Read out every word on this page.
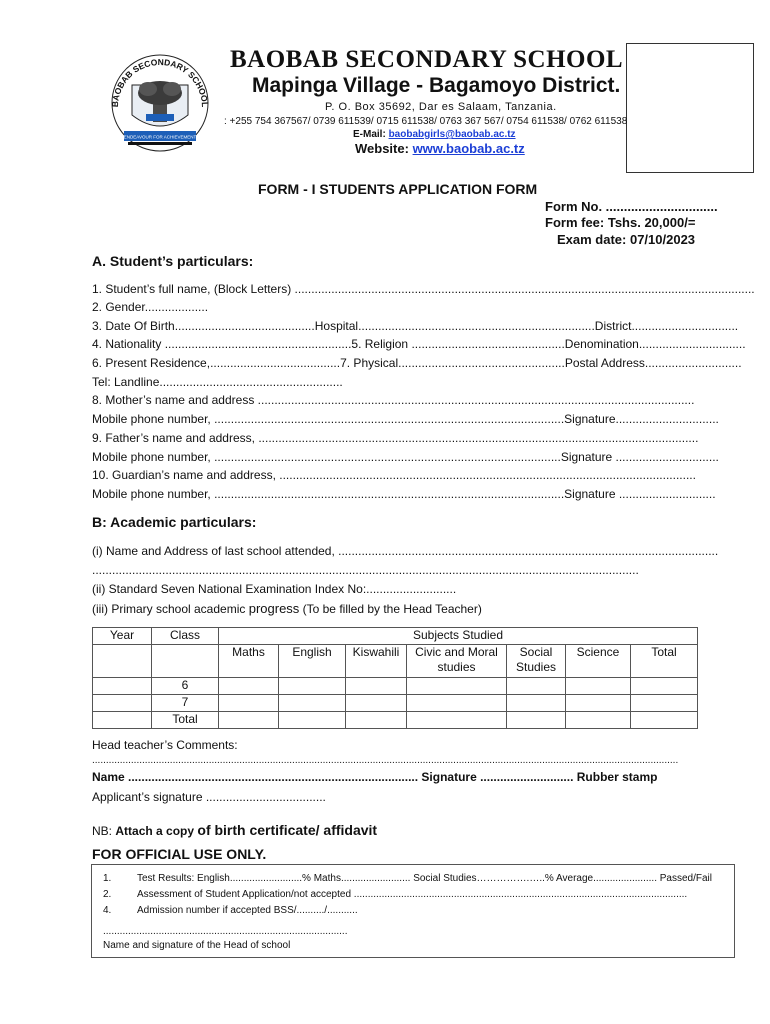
BAOBAB SECONDARY SCHOOL
ENDEAVOUR FOR ACHIEVEMENT
BAOBAB SECONDARY SCHOOL
Mapinga Village - Bagamoyo District.
P. O. Box 35692, Dar es Salaam, Tanzania.
: +255 754 367567/ 0739 611539/ 0715 611538/ 0763 367 567/ 0754 611538/ 0762 611538
E-Mail: baobabgirls@baobab.ac.tz
Website: www.baobab.ac.tz
FORM - I STUDENTS APPLICATION FORM
Form No. ...............................
Form fee: Tshs. 20,000/=
Exam date: 07/10/2023
A. Student’s particulars:
1. Student’s full name, (Block Letters) ..........................................................................................................................................
2. Gender...................
3. Date Of Birth..........................................Hospital.......................................................................District................................
4. Nationality ........................................................5. Religion ..............................................Denomination................................
6. Present Residence,.......................................7. Physical..................................................Postal Address.............................
Tel: Landline.......................................................
8. Mother’s name and address ...................................................................................................................................
Mobile phone number, .........................................................................................................Signature...............................
9. Father’s name and address, ....................................................................................................................................
Mobile phone number, ........................................................................................................Signature ...............................
10. Guardian’s name and address, .............................................................................................................................
Mobile phone number, .........................................................................................................Signature .............................
B: Academic particulars:
(i) Name and Address of last school attended, ..................................................................................................................
....................................................................................................................................................................
(ii) Standard Seven National Examination Index No:...........................
(iii) Primary school academic progress (To be filled by the Head Teacher)
Year	Class	Subjects Studied						
		Maths	English	Kiswahili	Civic and Moral studies	Social Studies	Science	Total
	6							
	7							
	Total							
Head teacher’s Comments:
...................................................................................................................................................................................................................
Name ....................................................................................... Signature ............................ Rubber stamp
Applicant’s signature ....................................
NB: Attach a copy of birth certificate/ affidavit
FOR OFFICIAL USE ONLY.
1.	Test Results: English..........................% Maths......................... Social Studies…………….…..% Average....................... Passed/Fail
2.	Assessment of Student Application/not accepted ........................................................................................................................
4.	Admission number if accepted BSS/........../...........
........................................................................................
Name and signature of the Head of school
